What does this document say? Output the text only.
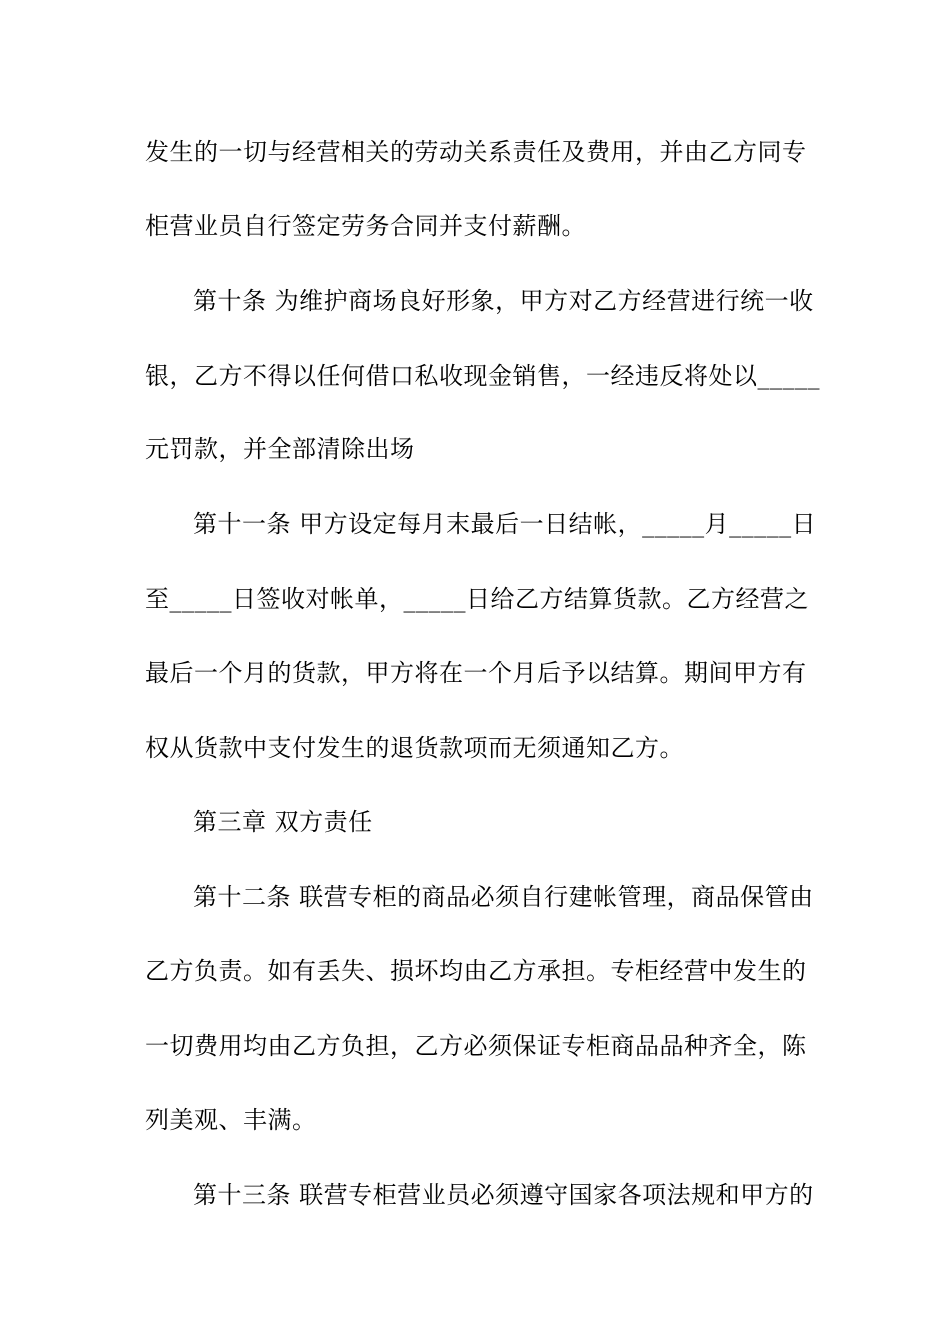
发生的一切与经营相关的劳动关系责任及费用，并由乙方同专
柜营业员自行签定劳务合同并支付薪酬。
第十条 为维护商场良好形象，甲方对乙方经营进行统一收
银，乙方不得以任何借口私收现金销售，一经违反将处以_____
元罚款，并全部清除出场
第十一条 甲方设定每月末最后一日结帐，_____月_____日
至_____日签收对帐单，_____日给乙方结算货款。乙方经营之
最后一个月的货款，甲方将在一个月后予以结算。期间甲方有
权从货款中支付发生的退货款项而无须通知乙方。
第三章 双方责任
第十二条 联营专柜的商品必须自行建帐管理，商品保管由
乙方负责。如有丢失、损坏均由乙方承担。专柜经营中发生的
一切费用均由乙方负担，乙方必须保证专柜商品品种齐全，陈
列美观、丰满。
第十三条 联营专柜营业员必须遵守国家各项法规和甲方的
